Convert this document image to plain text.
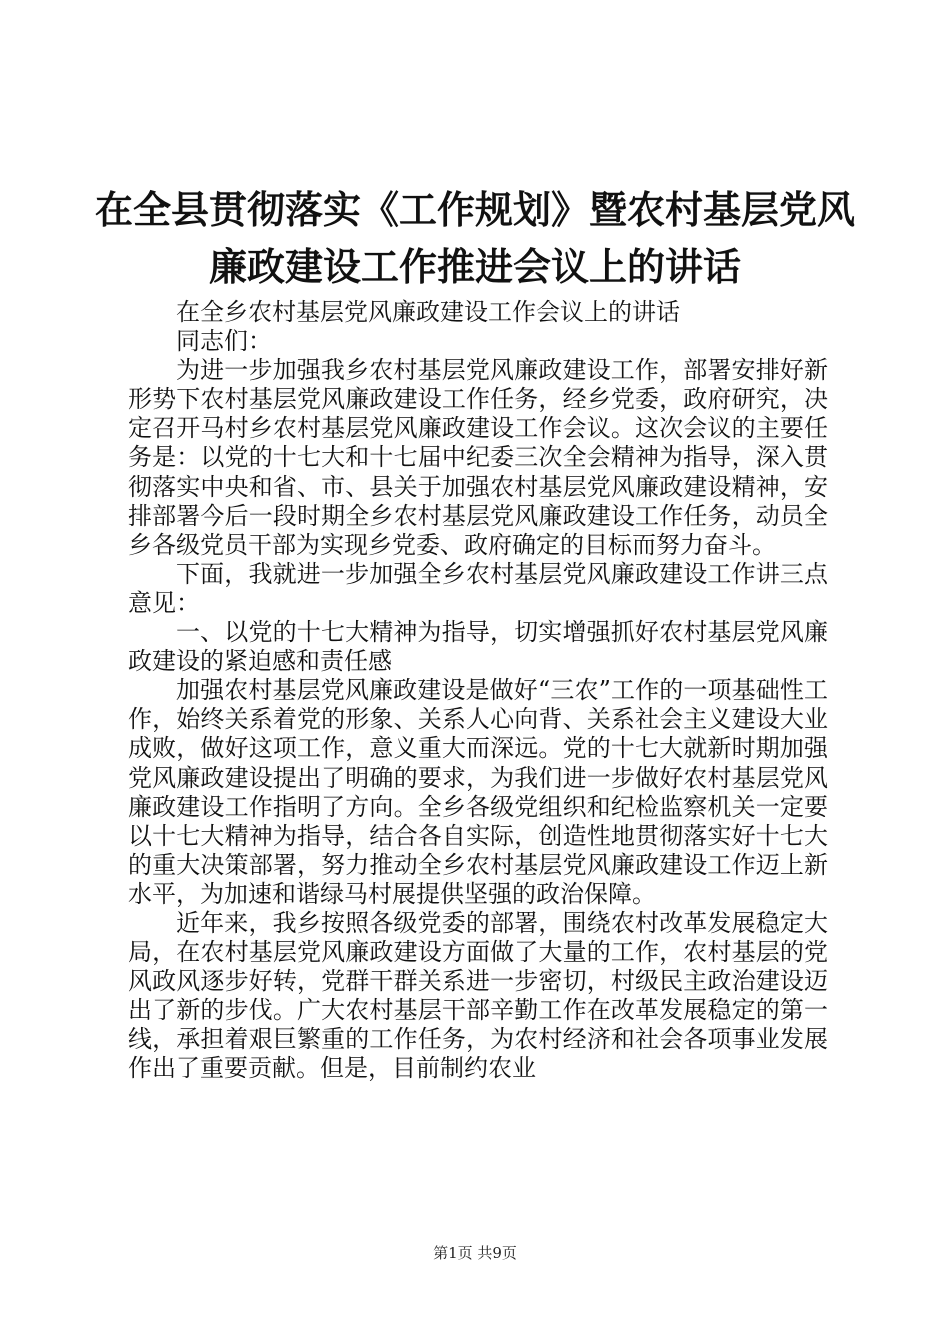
在全县贯彻落实《工作规划》暨农村基层党风
廉政建设工作推进会议上的讲话

在全乡农村基层党风廉政建设工作会议上的讲话

同志们：

为进一步加强我乡农村基层党风廉政建设工作，部署安排好新形势下农村基层党风廉政建设工作任务，经乡党委，政府研究，决定召开马村乡农村基层党风廉政建设工作会议。这次会议的主要任务是：以党的十七大和十七届中纪委三次全会精神为指导，深入贯彻落实中央和省、市、县关于加强农村基层党风廉政建设精神，安排部署今后一段时期全乡农村基层党风廉政建设工作任务，动员全乡各级党员干部为实现乡党委、政府确定的目标而努力奋斗。

下面，我就进一步加强全乡农村基层党风廉政建设工作讲三点意见：

一、以党的十七大精神为指导，切实增强抓好农村基层党风廉政建设的紧迫感和责任感

加强农村基层党风廉政建设是做好“三农”工作的一项基础性工作，始终关系着党的形象、关系人心向背、关系社会主义建设大业成败，做好这项工作，意义重大而深远。党的十七大就新时期加强党风廉政建设提出了明确的要求，为我们进一步做好农村基层党风廉政建设工作指明了方向。全乡各级党组织和纪检监察机关一定要以十七大精神为指导，结合各自实际，创造性地贯彻落实好十七大的重大决策部署，努力推动全乡农村基层党风廉政建设工作迈上新水平，为加速和谐绿马村展提供坚强的政治保障。

近年来，我乡按照各级党委的部署，围绕农村改革发展稳定大局，在农村基层党风廉政建设方面做了大量的工作，农村基层的党风政风逐步好转，党群干群关系进一步密切，村级民主政治建设迈出了新的步伐。广大农村基层干部辛勤工作在改革发展稳定的第一线，承担着艰巨繁重的工作任务，为农村经济和社会各项事业发展作出了重要贡献。但是，目前制约农业

第1页 共9页
